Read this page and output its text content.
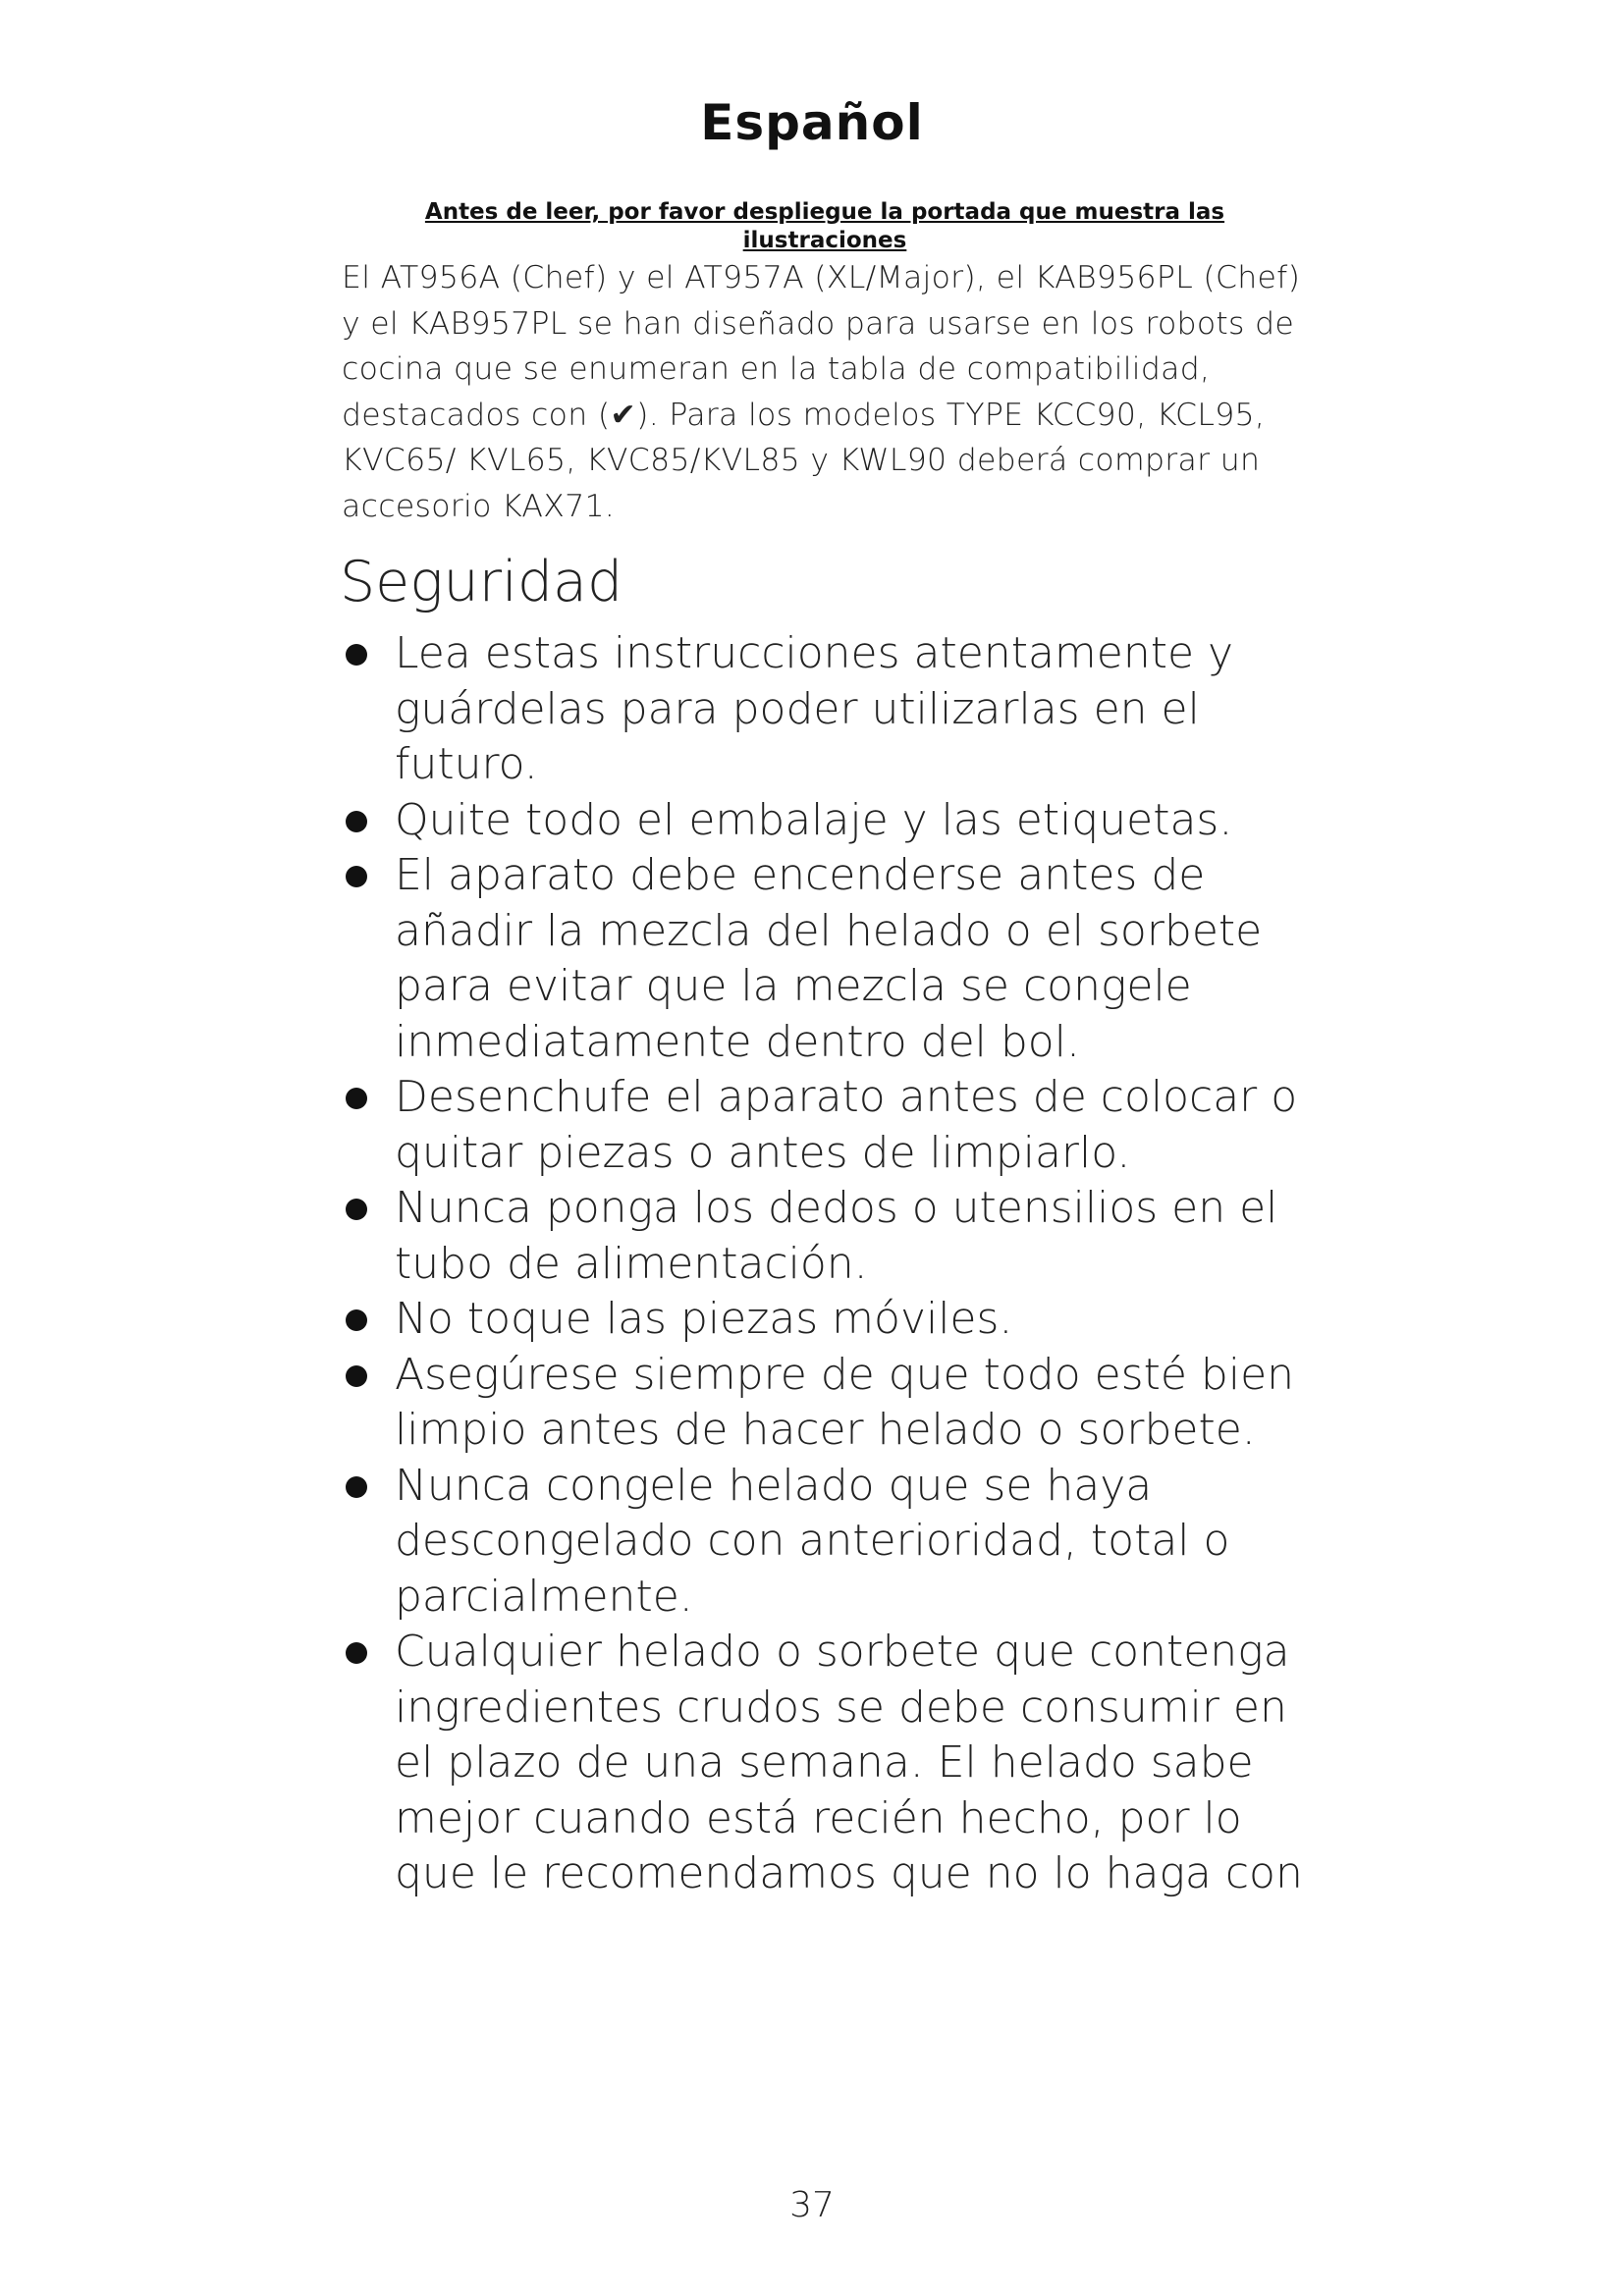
Español
Antes de leer, por favor despliegue la portada que muestra las ilustraciones
El AT956A (Chef) y el AT957A (XL/Major), el KAB956PL (Chef) y el KAB957PL se han diseñado para usarse en los robots de cocina que se enumeran en la tabla de compatibilidad, destacados con (✔). Para los modelos TYPE KCC90, KCL95, KVC65/ KVL65, KVC85/KVL85 y KWL90 deberá comprar un accesorio KAX71.
Seguridad
Lea estas instrucciones atentamente y guárdelas para poder utilizarlas en el futuro.
Quite todo el embalaje y las etiquetas.
El aparato debe encenderse antes de añadir la mezcla del helado o el sorbete para evitar que la mezcla se congele inmediatamente dentro del bol.
Desenchufe el aparato antes de colocar o quitar piezas o antes de limpiarlo.
Nunca ponga los dedos o utensilios en el tubo de alimentación.
No toque las piezas móviles.
Asegúrese siempre de que todo esté bien limpio antes de hacer helado o sorbete.
Nunca congele helado que se haya descongelado con anterioridad, total o parcialmente.
Cualquier helado o sorbete que contenga ingredientes crudos se debe consumir en el plazo de una semana. El helado sabe mejor cuando está recién hecho, por lo que le recomendamos que no lo haga con
37
